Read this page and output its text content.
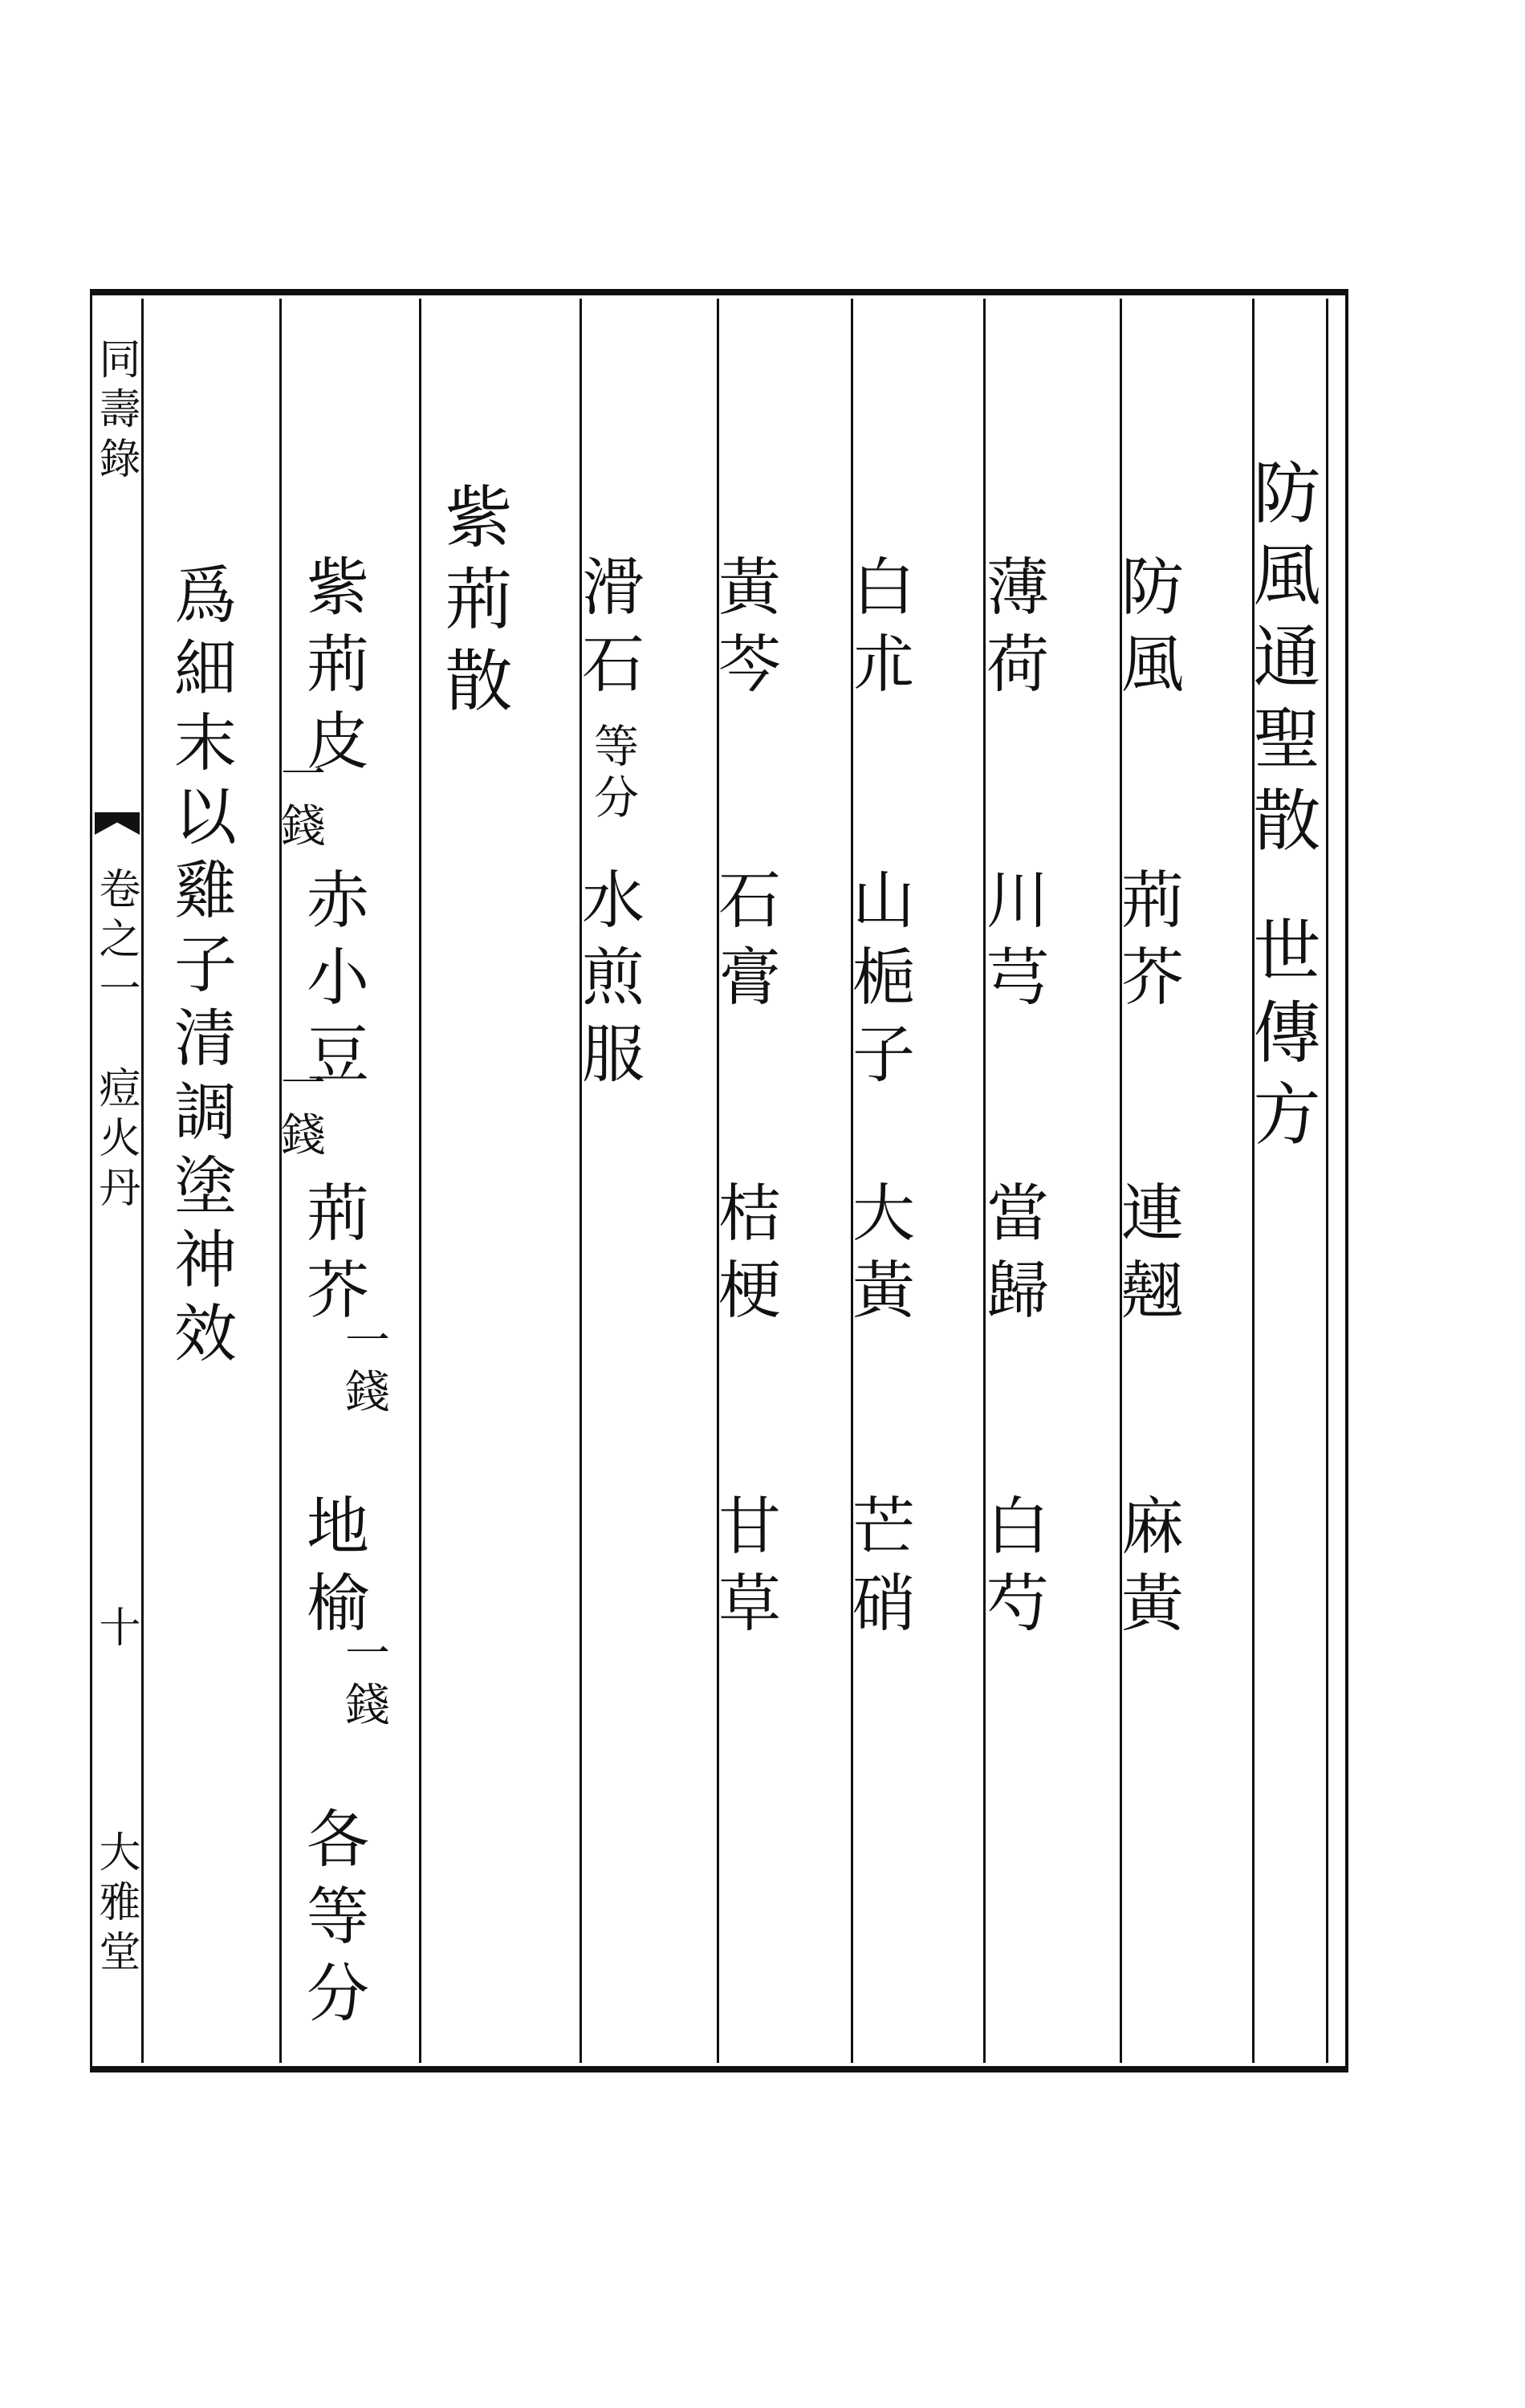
同壽錄
卷之一　痘火丹
十
大雅堂
防風通聖散
世傳方
防風
荊芥
連翹
麻黃
薄荷
川芎
當歸
白芍
白朮
山梔子
大黃
芒硝
黃芩
石膏
桔梗
甘草
滑石
等分
水煎服
紫荊散
紫荊皮
一錢
赤小豆
一錢
荊芥
一錢
地榆
一錢
各等分
爲細末以雞子清調塗神效
